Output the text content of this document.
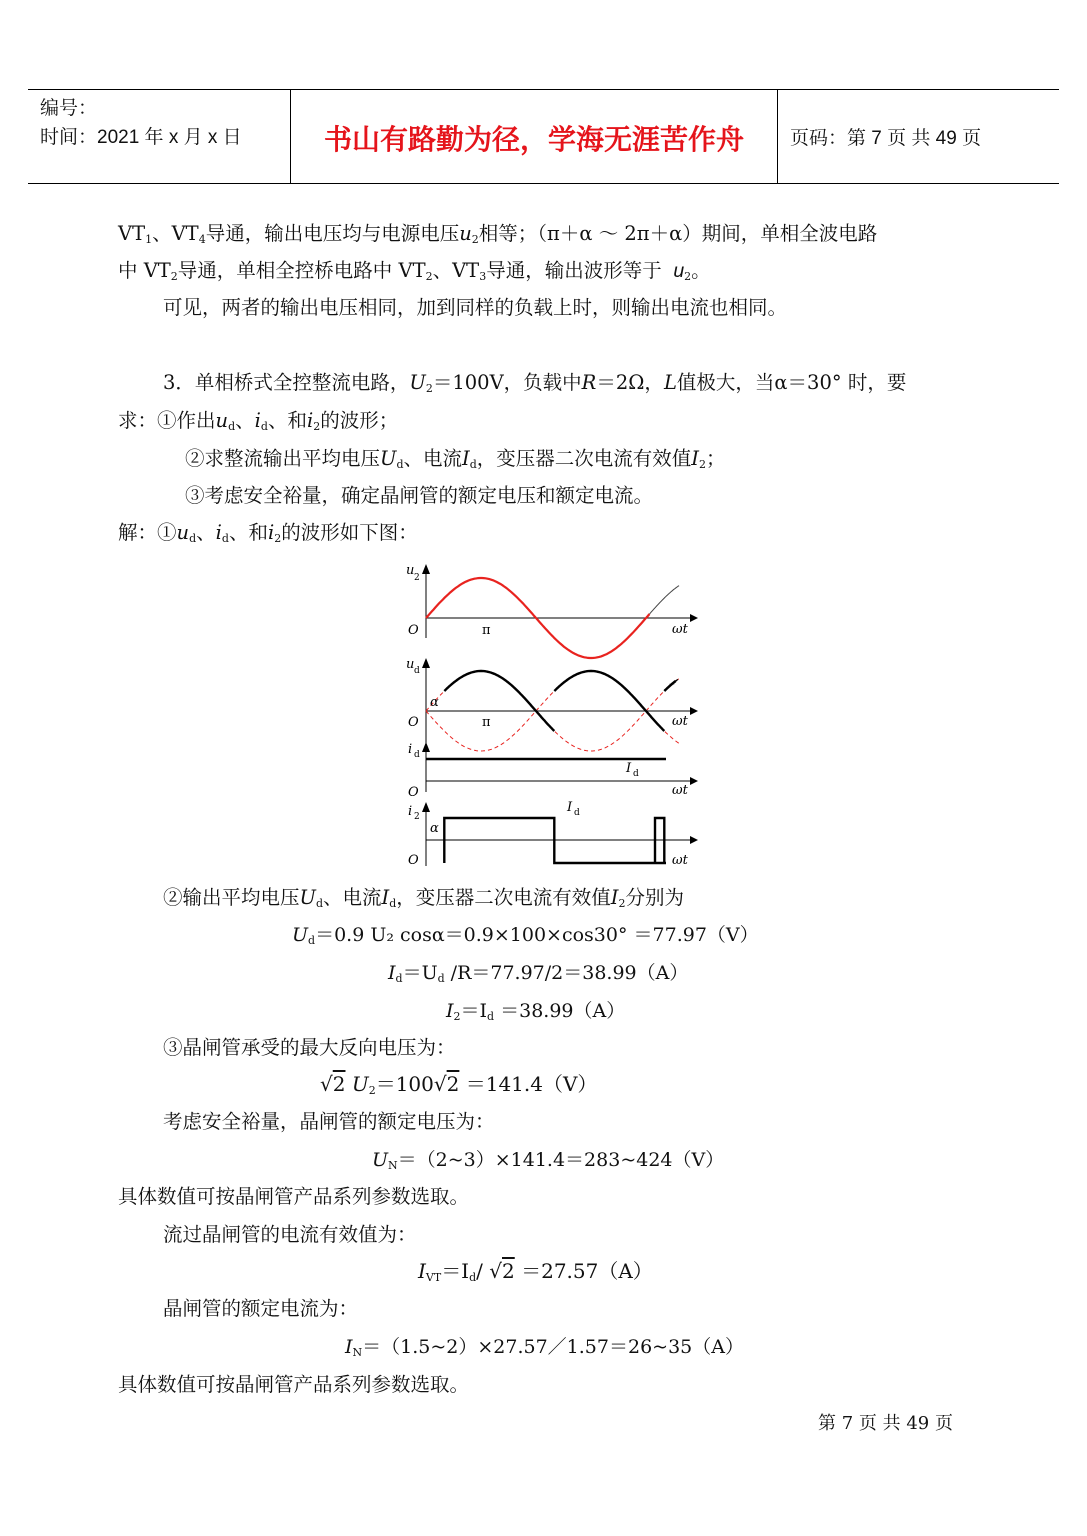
编号：
时间：2021 年 x 月 x 日	书山有路勤为径，学海无涯苦作舟	页码：第 7 页 共 49 页
$VT_1$、$VT_4$导通，输出电压均与电源电压$u_2$相等；（π＋α ～ 2π＋α）期间，单相全波电路
中 $VT_2$导通，单相全控桥电路中 $VT_2$、$VT_3$导通，输出波形等于  $u_2$。
可见，两者的输出电压相同，加到同样的负载上时，则输出电流也相同。
3．单相桥式全控整流电路，$U_2=100V$，负载中R＝2Ω，L值极大，当α＝30° 时，要
求：①作出$u_d$、$i_d$、和$i_2$的波形；
②求整流输出平均电压$U_d$、电流$I_d$，变压器二次电流有效值$I_2$；
③考虑安全裕量，确定晶闸管的额定电压和额定电流。
解：$①u_d$、$i_d$、和$i_2$的波形如下图：
u 2
O	π	ωt
u d
α
O	π	ωt
i d
I d
O	ωt
i 2
I d
α
O	ωt
②输出平均电压$U_d$、电流$I_d$，变压器二次电流有效值$I_2$分别为
$U_d=0.9$ U₂ cosα＝0.9×100×cos30° ＝77.97（V）
$I_d=U_d$ /R＝77.97/2＝38.99（A）
$I_2=I_d =38.99(A)$
③晶闸管承受的最大反向电压为：
√2 $U_2=100√2 =141.4(V)$
考虑安全裕量，晶闸管的额定电压为：
$U_N=(2\sim 3)\times 141.4=283\sim 424(V)$
具体数值可按晶闸管产品系列参数选取。
流过晶闸管的电流有效值为：
$I_{VT}=I_d/$ √2 ＝27.57（A）
晶闸管的额定电流为：
$I_N=(1.5\sim 2)\times 27.57/1.57=26\sim 35(A)$
具体数值可按晶闸管产品系列参数选取。
第 7 页 共 49 页
